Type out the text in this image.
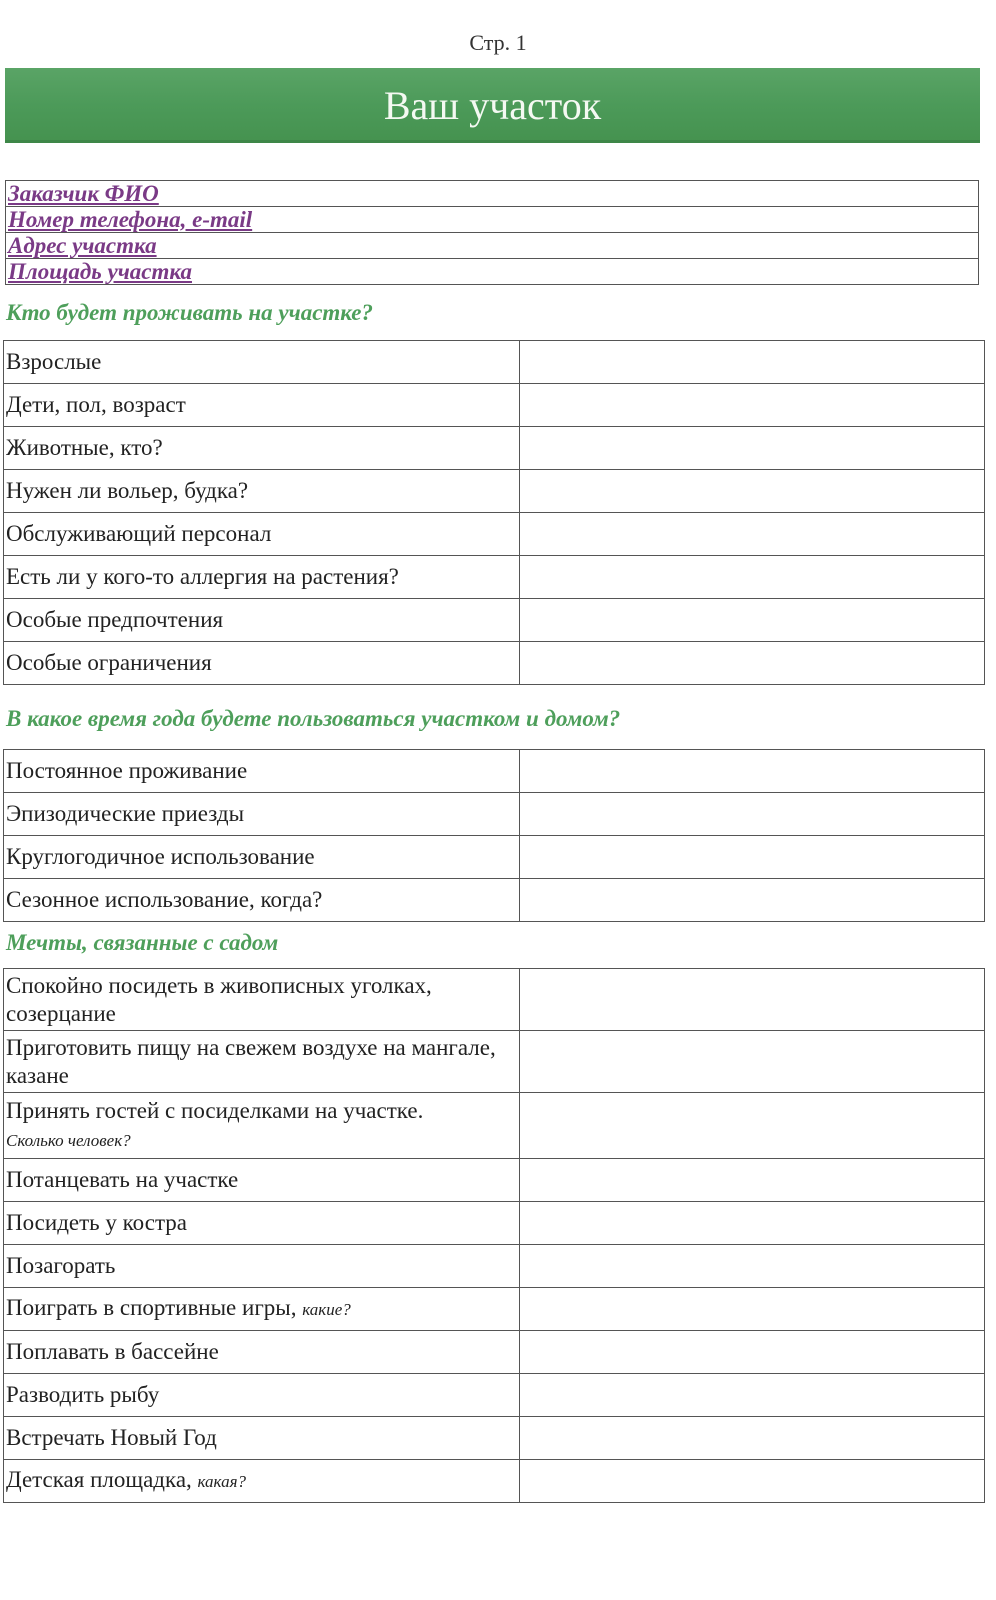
Стр. 1
Ваш участок
Заказчик ФИО
Номер телефона, e-mail
Адрес участка
Площадь участка
Кто будет проживать на участке?
Взрослые	
Дети, пол, возраст	
Животные, кто?	
Нужен ли вольер, будка?	
Обслуживающий персонал	
Есть ли у кого-то аллергия на растения?	
Особые предпочтения	
Особые ограничения	
В какое время года будете пользоваться участком и домом?
Постоянное проживание	
Эпизодические приезды	
Круглогодичное использование	
Сезонное использование, когда?	
Мечты, связанные с садом
Спокойно посидеть в живописных уголках, созерцание	
Приготовить пищу на свежем воздухе на мангале, казане	
Принять гостей с посиделками на участке.
Сколько человек?	
Потанцевать на участке	
Посидеть у костра	
Позагорать	
Поиграть в спортивные игры, какие?	
Поплавать в бассейне	
Разводить рыбу	
Встречать Новый Год	
Детская площадка, какая?	
